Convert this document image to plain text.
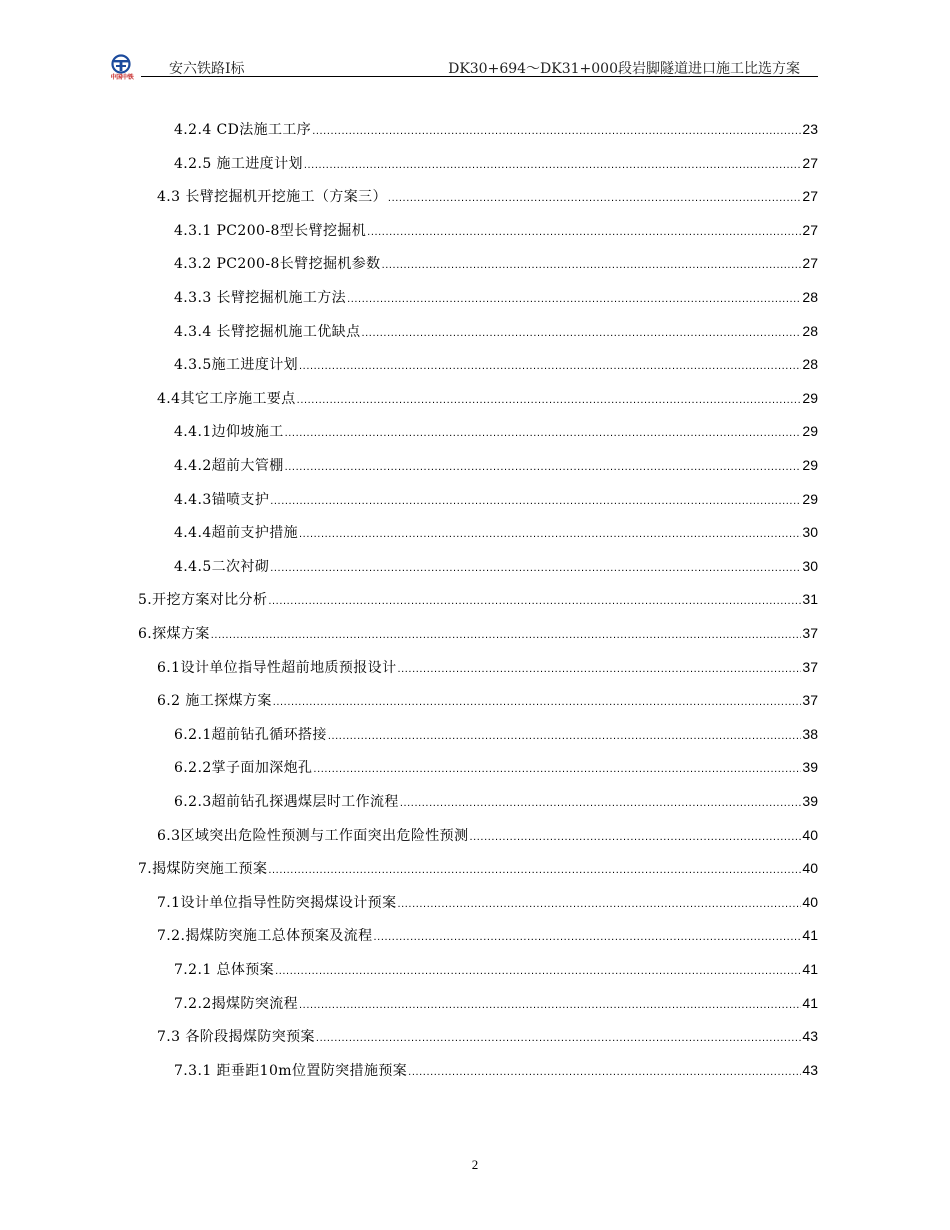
中国中铁
安六铁路Ⅰ标	DK30+694～DK31+000段岩脚隧道进口施工比选方案
4.2.4 CD法施工工序 .....	23
4.2.5 施工进度计划 .....	27
4.3 长臂挖掘机开挖施工（方案三） .....	27
4.3.1 PC200-8型长臂挖掘机 .....	27
4.3.2 PC200-8长臂挖掘机参数 .....	27
4.3.3 长臂挖掘机施工方法 .....	28
4.3.4 长臂挖掘机施工优缺点 .....	28
4.3.5施工进度计划 .....	28
4.4其它工序施工要点 .....	29
4.4.1边仰坡施工 .....	29
4.4.2超前大管棚 .....	29
4.4.3锚喷支护 .....	29
4.4.4超前支护措施 .....	30
4.4.5二次衬砌 .....	30
5.开挖方案对比分析 .....	31
6.探煤方案 .....	37
6.1设计单位指导性超前地质预报设计 .....	37
6.2 施工探煤方案 .....	37
6.2.1超前钻孔循环搭接 .....	38
6.2.2掌子面加深炮孔 .....	39
6.2.3超前钻孔探遇煤层时工作流程 .....	39
6.3区域突出危险性预测与工作面突出危险性预测 .....	40
7.揭煤防突施工预案 .....	40
7.1设计单位指导性防突揭煤设计预案 .....	40
7.2.揭煤防突施工总体预案及流程 .....	41
7.2.1 总体预案 .....	41
7.2.2揭煤防突流程 .....	41
7.3 各阶段揭煤防突预案 .....	43
7.3.1 距垂距10m位置防突措施预案 .....	43
2
